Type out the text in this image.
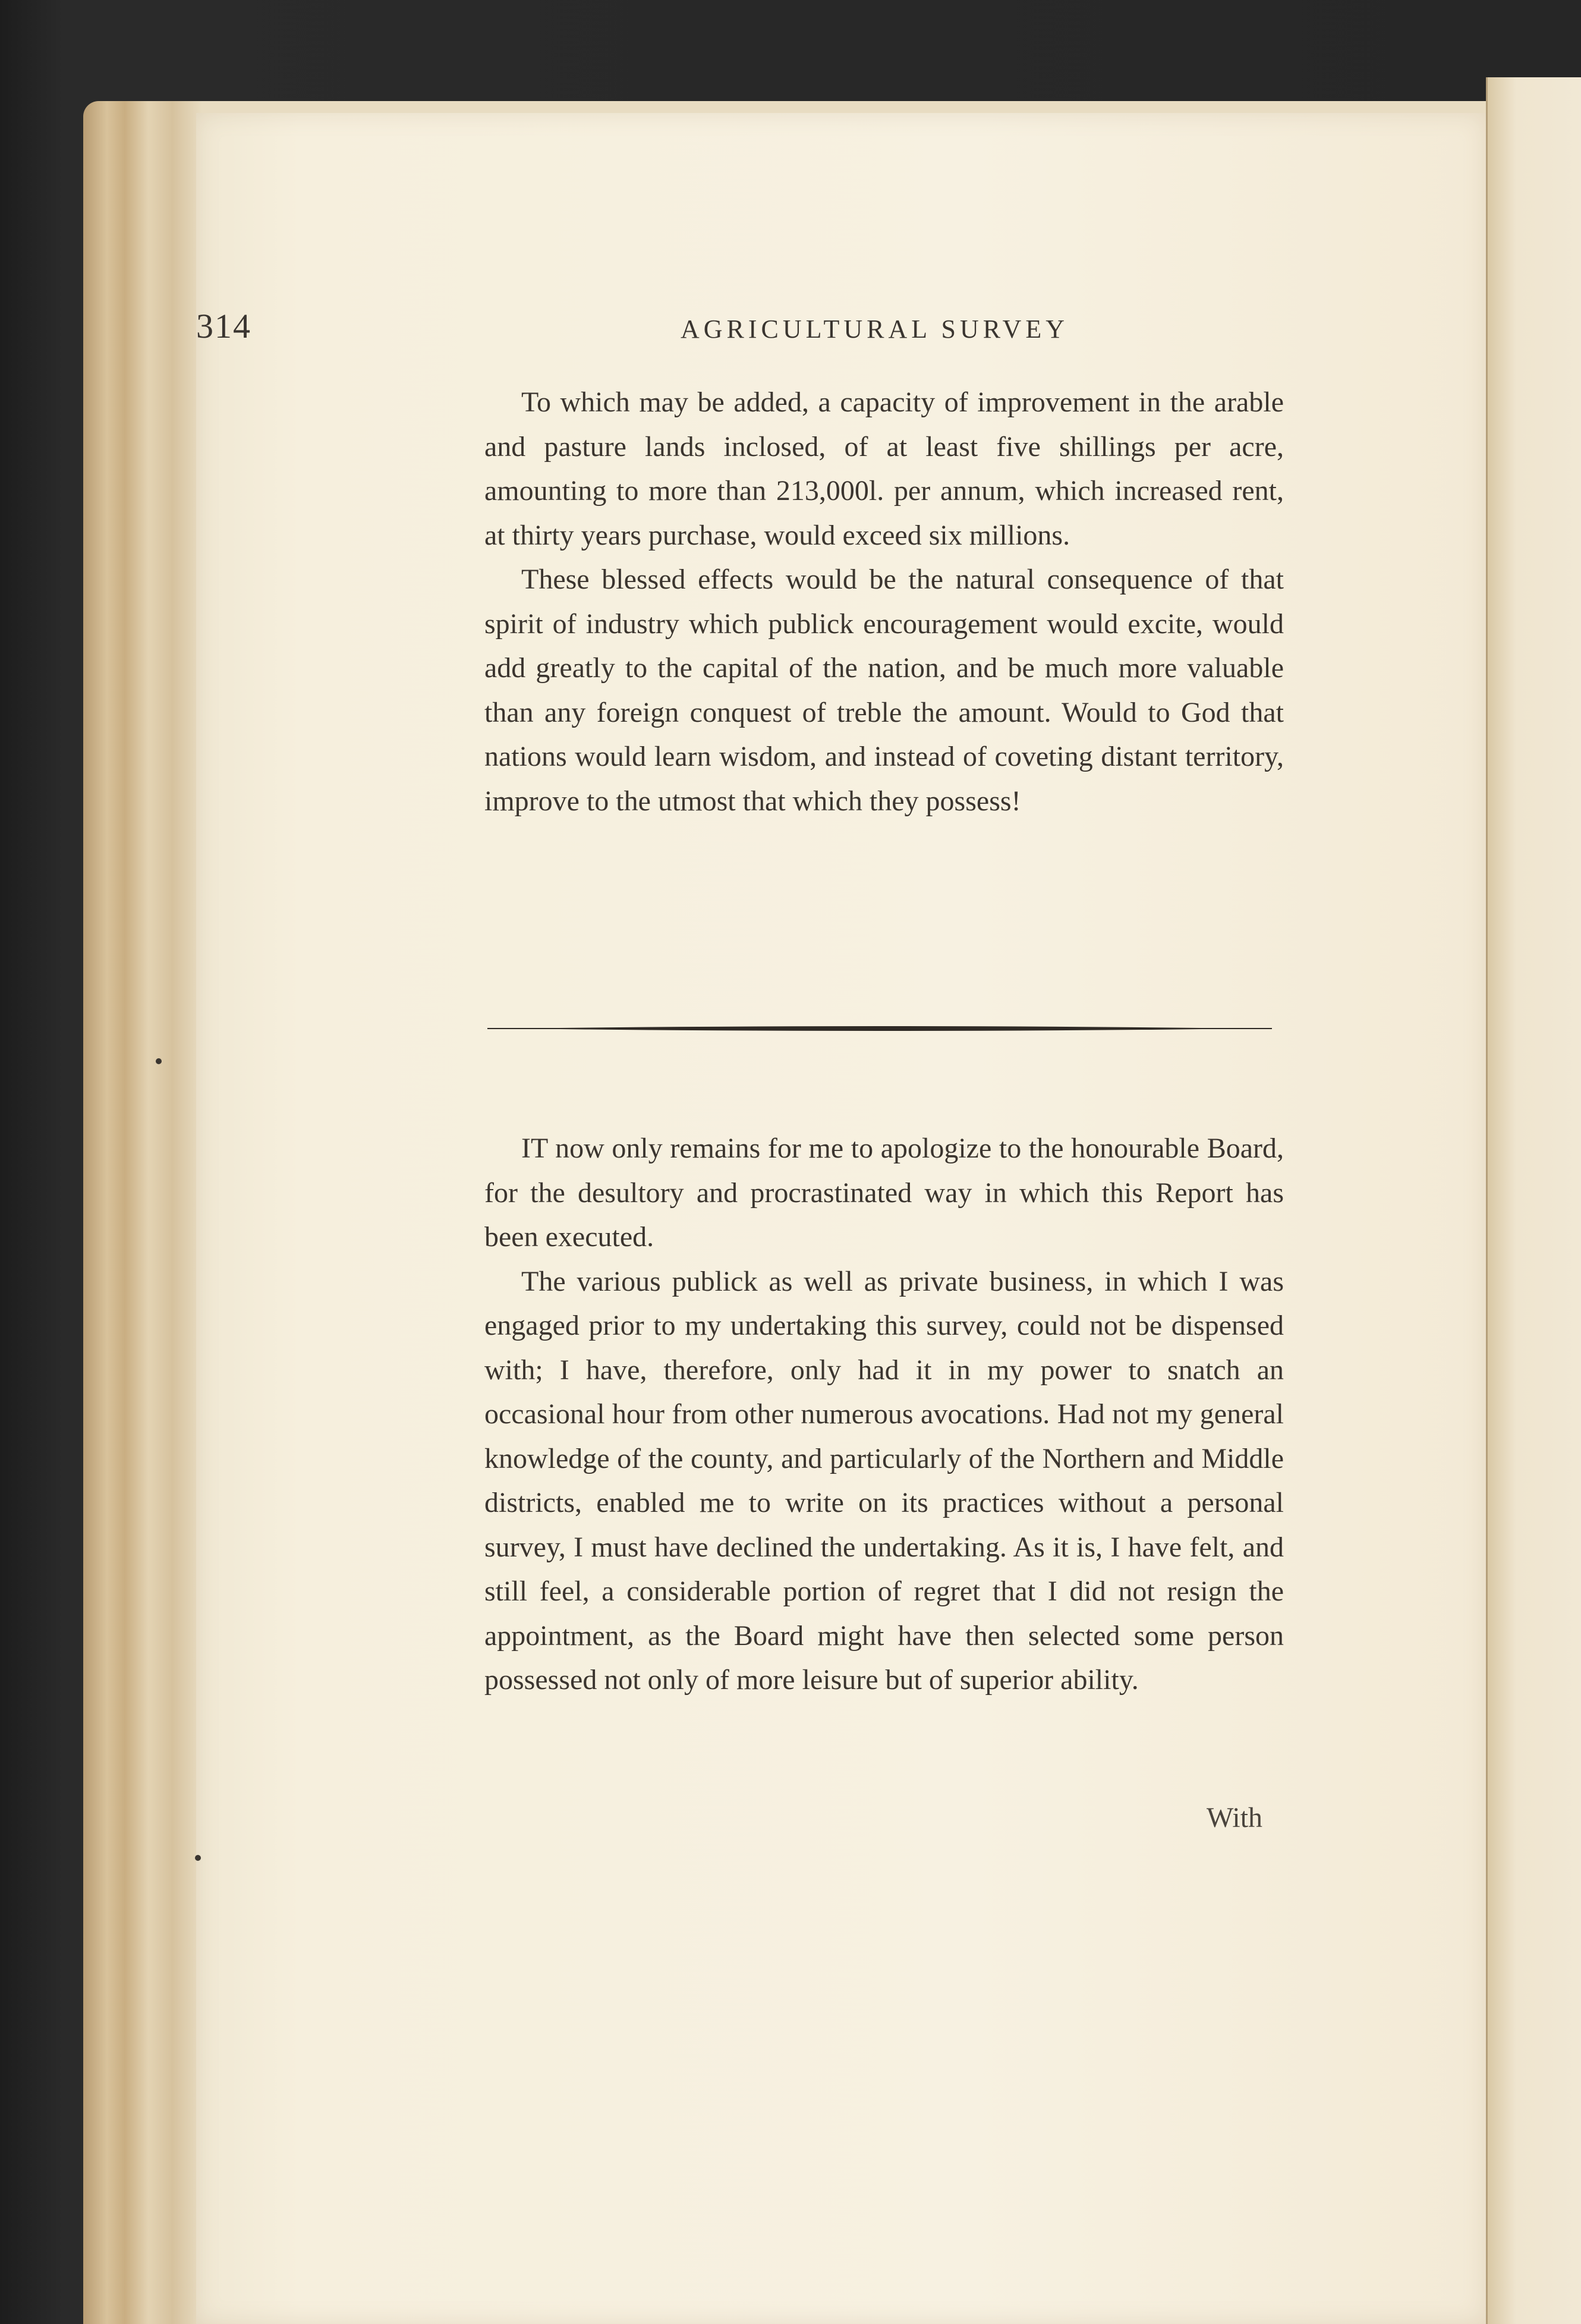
314	AGRICULTURAL SURVEY

To which may be added, a capacity of improvement in the arable and pasture lands inclosed, of at least five shillings per acre, amounting to more than 213,000l. per annum, which increased rent, at thirty years purchase, would exceed six millions.

These blessed effects would be the natural consequence of that spirit of industry which publick encouragement would excite, would add greatly to the capital of the nation, and be much more valuable than any foreign conquest of treble the amount. Would to God that nations would learn wisdom, and instead of coveting distant territory, improve to the utmost that which they possess!

IT now only remains for me to apologize to the honourable Board, for the desultory and procrastinated way in which this Report has been executed.

The various publick as well as private business, in which I was engaged prior to my undertaking this survey, could not be dispensed with; I have, therefore, only had it in my power to snatch an occasional hour from other numerous avocations. Had not my general knowledge of the county, and particularly of the Northern and Middle districts, enabled me to write on its practices without a personal survey, I must have declined the undertaking. As it is, I have felt, and still feel, a considerable portion of regret that I did not resign the appointment, as the Board might have then selected some person possessed not only of more leisure but of superior ability.

With
